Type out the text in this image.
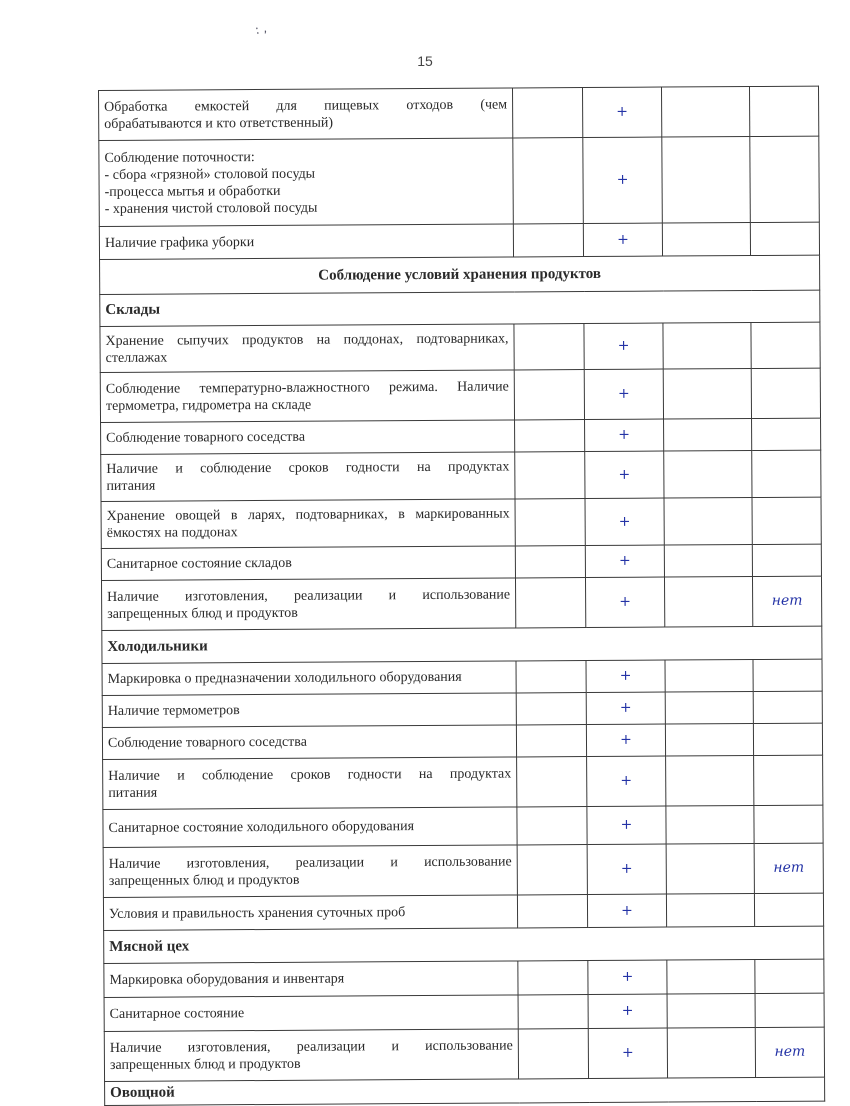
: ,
15
Обработка емкостей для пищевых отходов (чем
обрабатываются и кто ответственный)		+		

Соблюдение поточности:
- сбора «грязной» столовой посуды
-процесса мытья и обработки
- хранения чистой столовой посуды		+		

Наличие графика уборки		+		
Соблюдение условий хранения продуктов				
Склады				

Хранение сыпучих продуктов на поддонах, подтоварниках,
стеллажах		+		

Соблюдение температурно-влажностного режима. Наличие
термометра, гидрометра на складе		+		

Соблюдение товарного соседства		+		

Наличие и соблюдение сроков годности на продуктах
питания		+		

Хранение овощей в ларях, подтоварниках, в маркированных
ёмкостях на поддонах		+		

Санитарное состояние складов		+		

Наличие изготовления, реализации и использование
запрещенных блюд и продуктов		+		нет
Холодильники				

Маркировка о предназначении холодильного оборудования		+		

Наличие термометров		+		

Соблюдение товарного соседства		+		

Наличие и соблюдение сроков годности на продуктах
питания		+		

Санитарное состояние холодильного оборудования		+		

Наличие изготовления, реализации и использование
запрещенных блюд и продуктов		+		нет

Условия и правильность хранения суточных проб		+		
Мясной цех				

Маркировка оборудования и инвентаря		+		

Санитарное состояние		+		

Наличие изготовления, реализации и использование
запрещенных блюд и продуктов		+		нет
Овощной				
